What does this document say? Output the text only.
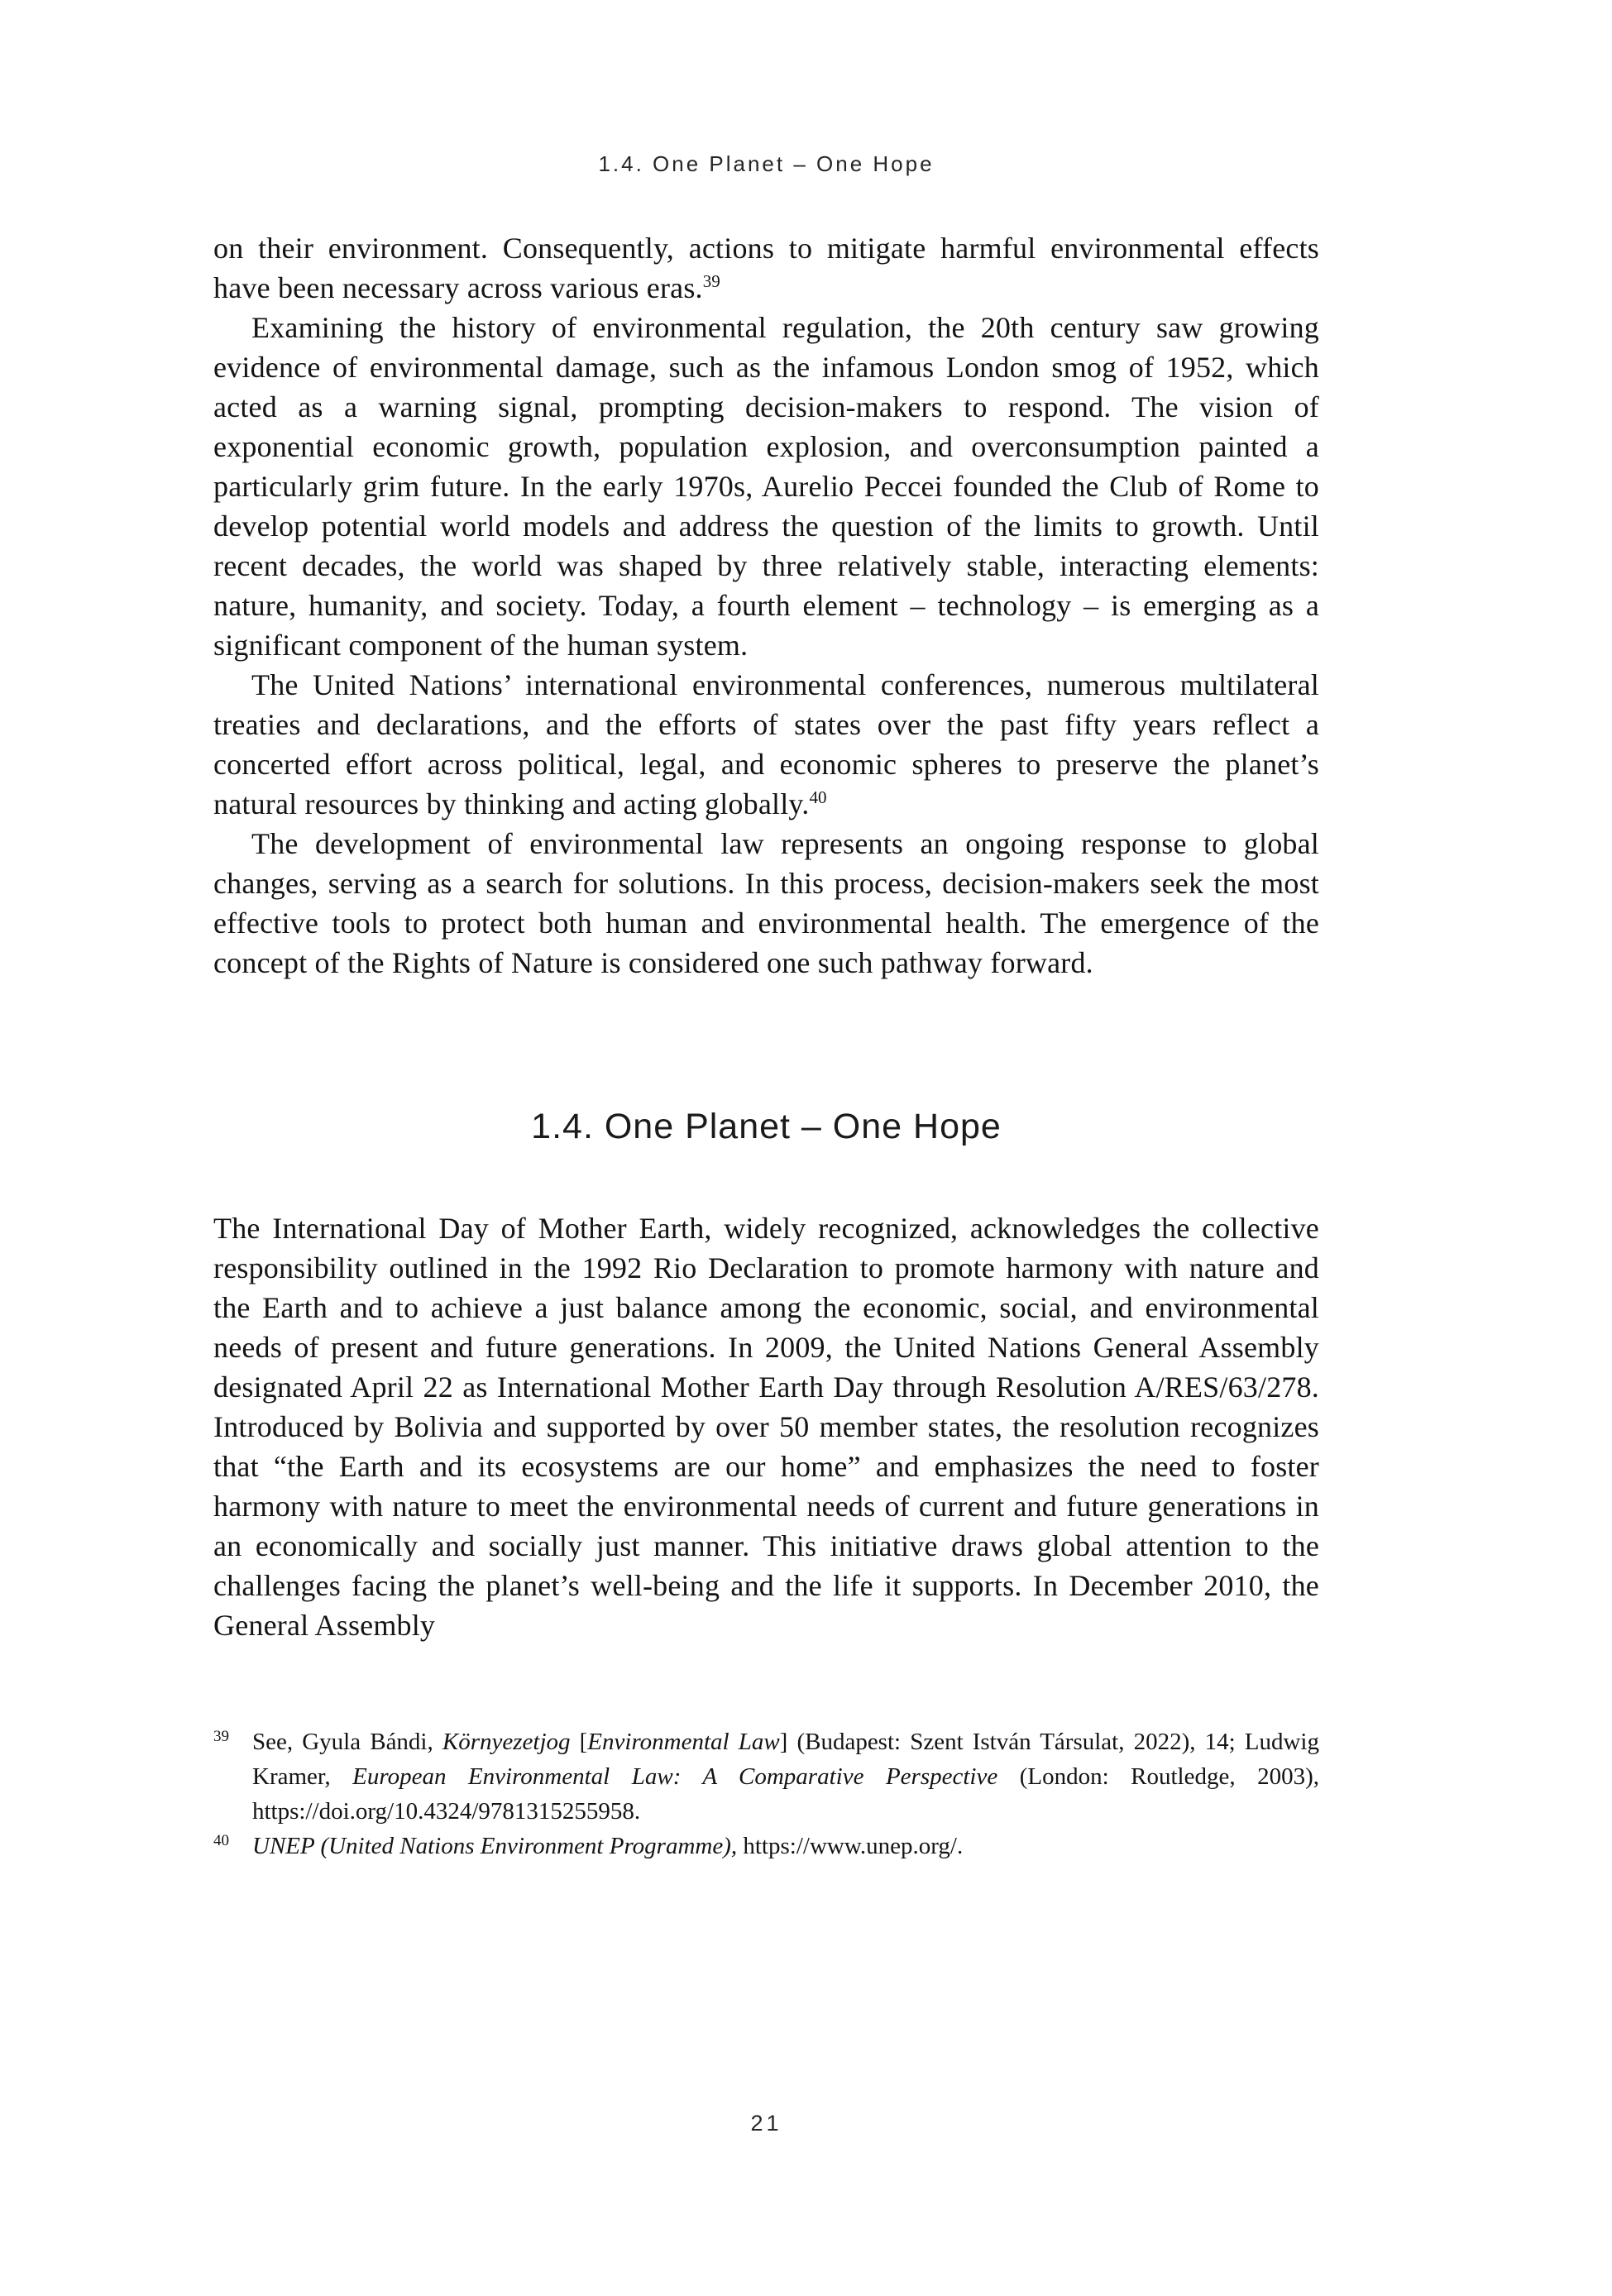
1.4. One Planet – One Hope

on their environment. Consequently, actions to mitigate harmful environmental effects have been necessary across various eras.$^{39}$

Examining the history of environmental regulation, the 20th century saw growing evidence of environmental damage, such as the infamous London smog of 1952, which acted as a warning signal, prompting decision-makers to respond. The vision of exponential economic growth, population explosion, and overconsumption painted a particularly grim future. In the early 1970s, Aurelio Peccei founded the Club of Rome to develop potential world models and address the question of the limits to growth. Until recent decades, the world was shaped by three relatively stable, interacting elements: nature, humanity, and society. Today, a fourth element – technology – is emerging as a significant component of the human system.

The United Nations’ international environmental conferences, numerous multilateral treaties and declarations, and the efforts of states over the past fifty years reflect a concerted effort across political, legal, and economic spheres to preserve the planet’s natural resources by thinking and acting globally.$^{40}$

The development of environmental law represents an ongoing response to global changes, serving as a search for solutions. In this process, decision-makers seek the most effective tools to protect both human and environmental health. The emergence of the concept of the Rights of Nature is considered one such pathway forward.

1.4. One Planet – One Hope

The International Day of Mother Earth, widely recognized, acknowledges the collective responsibility outlined in the 1992 Rio Declaration to promote harmony with nature and the Earth and to achieve a just balance among the economic, social, and environmental needs of present and future generations. In 2009, the United Nations General Assembly designated April 22 as International Mother Earth Day through Resolution A/RES/63/278. Introduced by Bolivia and supported by over 50 member states, the resolution recognizes that “the Earth and its ecosystems are our home” and emphasizes the need to foster harmony with nature to meet the environmental needs of current and future generations in an economically and socially just manner. This initiative draws global attention to the challenges facing the planet’s well-being and the life it supports. In December 2010, the General Assembly

39 See, Gyula Bándi, Környezetjog [Environmental Law] (Budapest: Szent István Társulat, 2022), 14; Ludwig Kramer, European Environmental Law: A Comparative Perspective (London: Routledge, 2003), https://doi.org/10.4324/9781315255958.
40 UNEP (United Nations Environment Programme), https://www.unep.org/.
21
